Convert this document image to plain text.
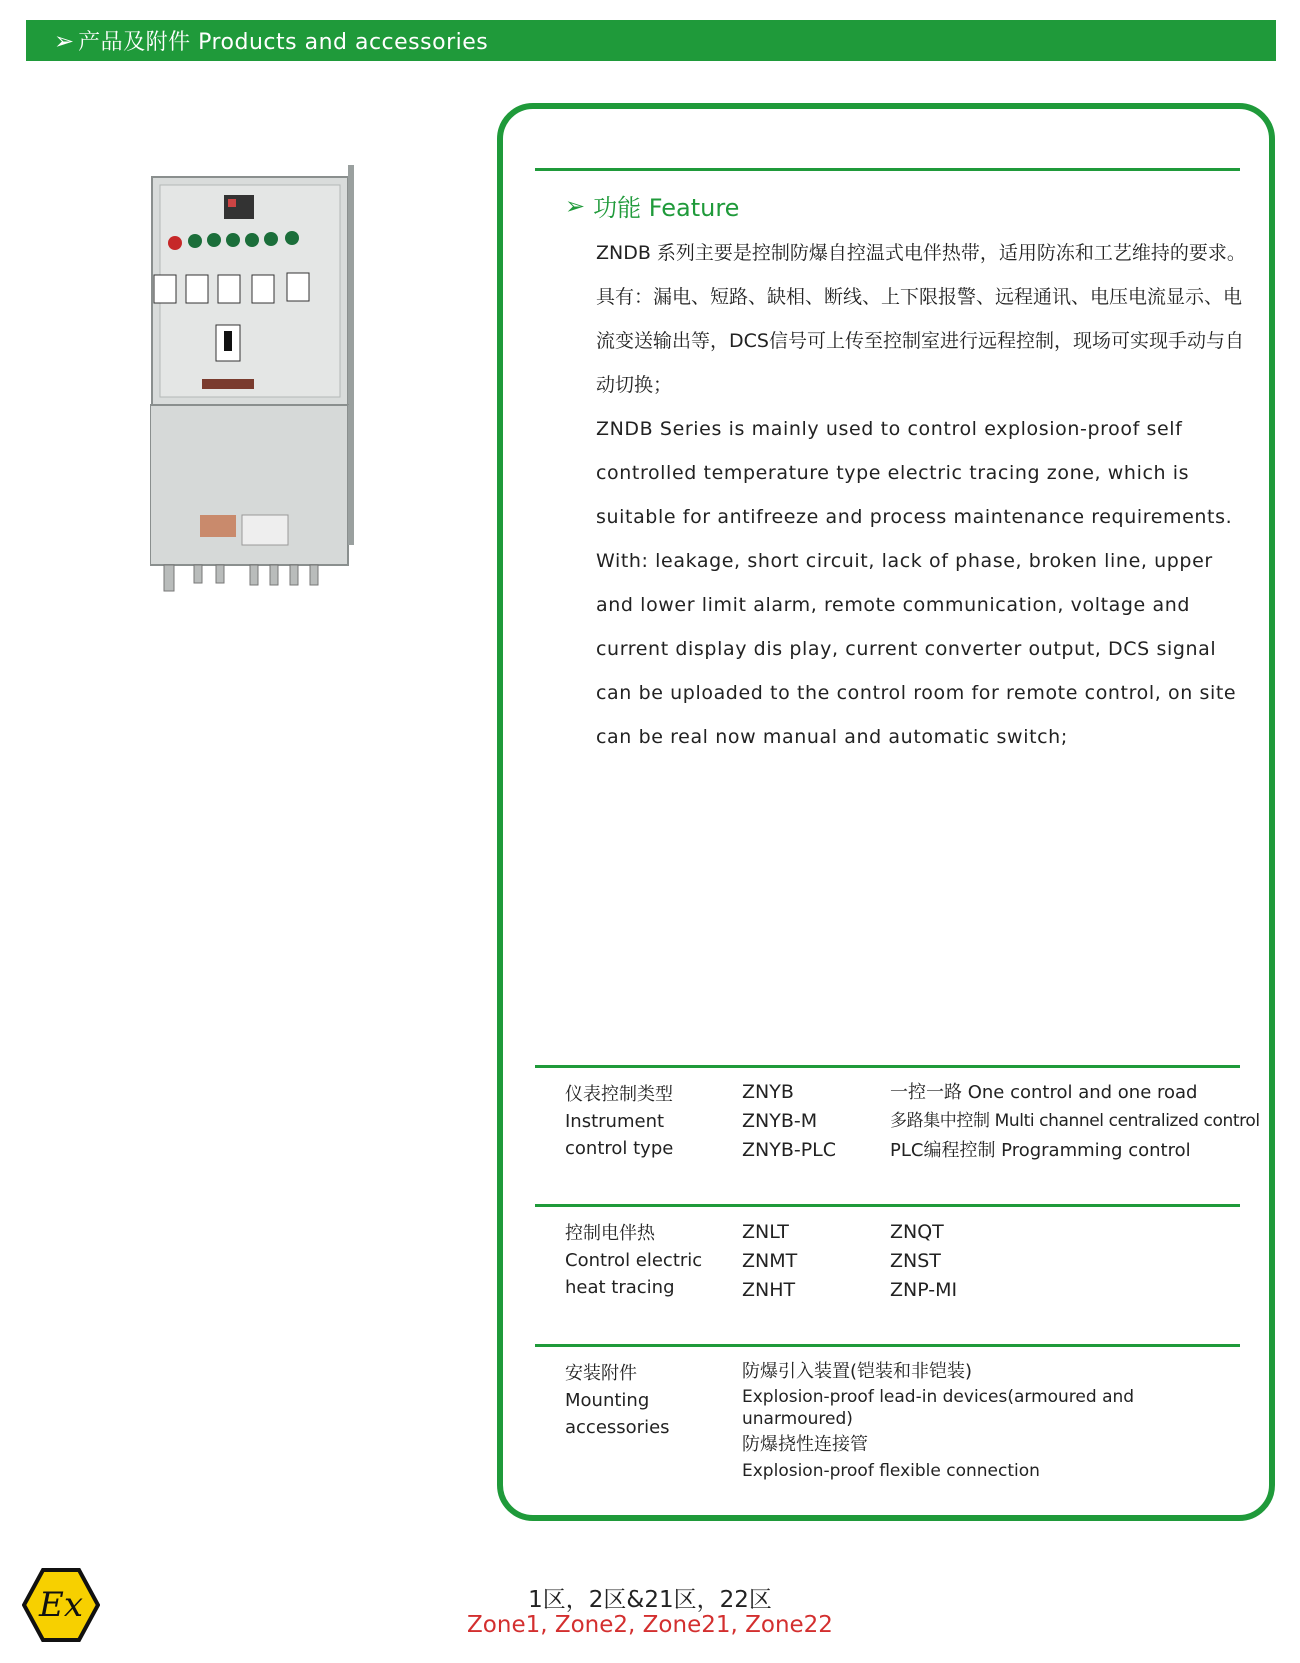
➢ 产品及附件 Products and accessories
➢ 功能 Feature

ZNDB 系列主要是控制防爆自控温式电伴热带，适用防冻和工艺维持的要求。

具有：漏电、短路、缺相、断线、上下限报警、远程通讯、电压电流显示、电流变送输出等，DCS信号可上传至控制室进行远程控制，现场可实现手动与自动切换；

ZNDB Series is mainly used to control explosion-proof self controlled temperature type electric tracing zone, which is suitable for antifreeze and process maintenance requirements.

With: leakage, short circuit, lack of phase, broken line, upper and lower limit alarm, remote communication, voltage and current display dis play, current converter output, DCS signal can be uploaded to the control room for remote control, on site can be real now manual and automatic switch;

仪表控制类型
Instrument
control type
ZNYB
ZNYB-M
ZNYB-PLC
一控一路 One control and one road
多路集中控制 Multi channel centralized control
PLC编程控制 Programming control
控制电伴热
Control electric
heat tracing
ZNLT
ZNMT
ZNHT
ZNQT
ZNST
ZNP-MI
安装附件
Mounting
accessories
防爆引入装置(铠装和非铠装)
Explosion-proof lead-in devices(armoured and unarmoured)
防爆挠性连接管
Explosion-proof flexible connection
Ex	1区，2区&21区，22区
Zone1, Zone2, Zone21, Zone22
